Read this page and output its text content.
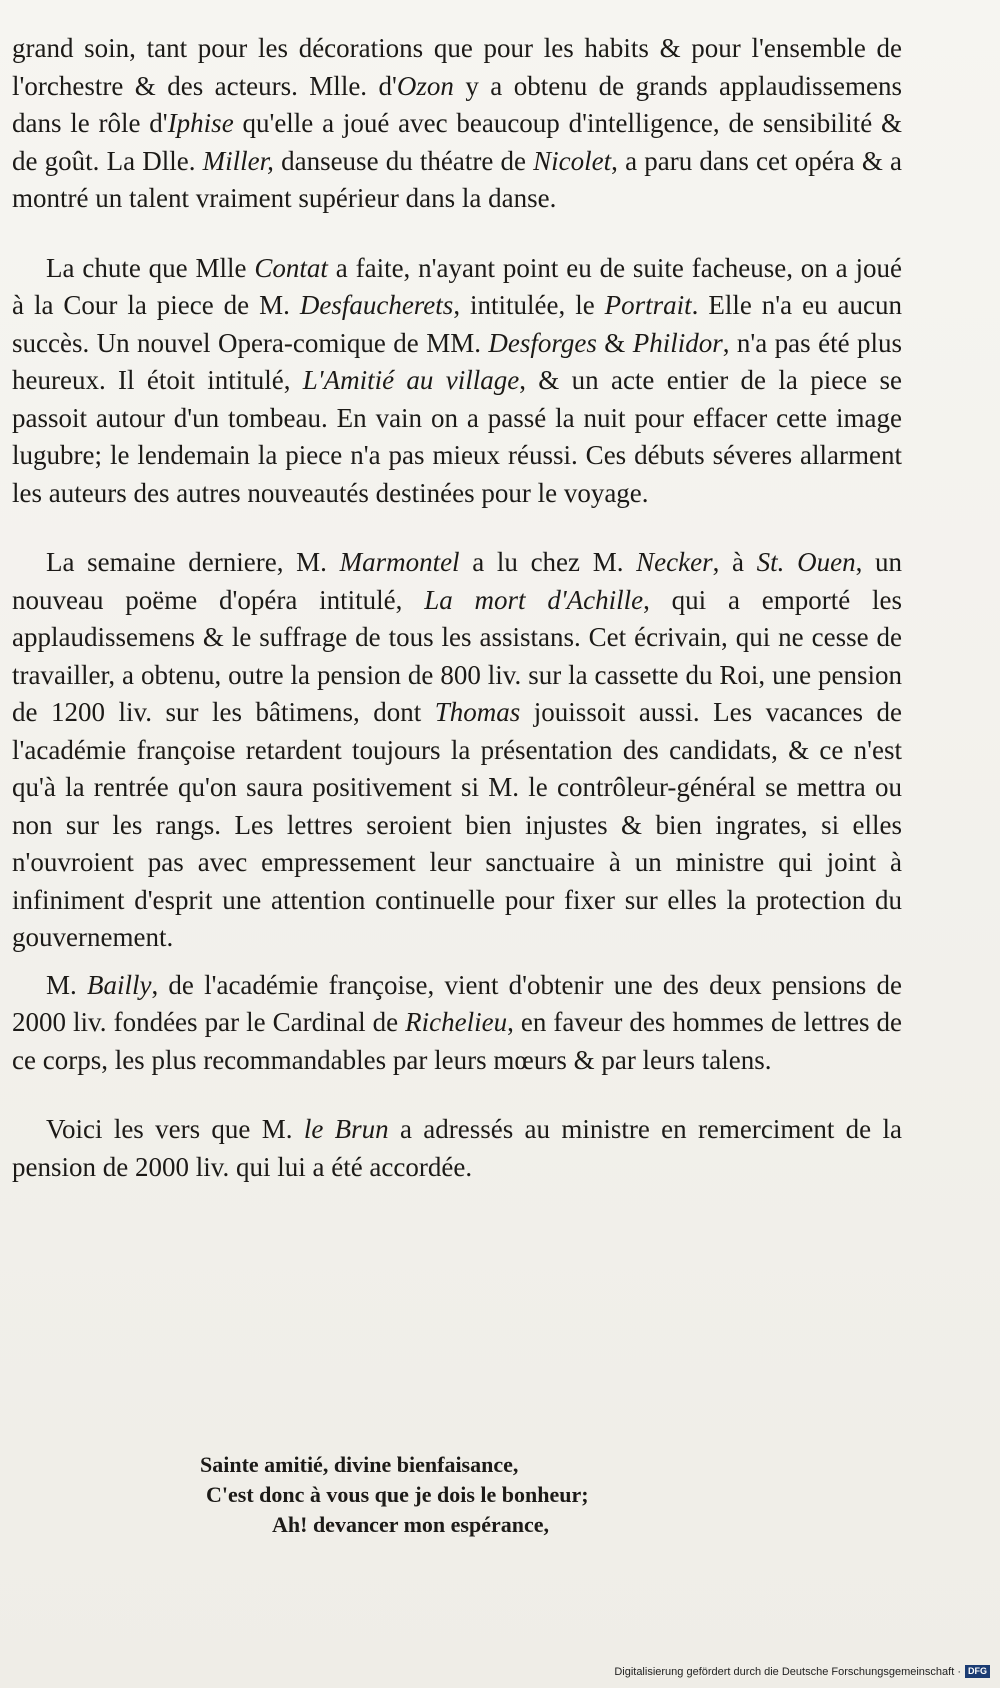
grand soin, tant pour les décorations que pour les habits & pour l'ensemble de l'orchestre & des acteurs. Mlle. d'Ozon y a obtenu de grands applaudissemens dans le rôle d'Iphise qu'elle a joué avec beaucoup d'intelligence, de sensibilité & de goût. La Dlle. Miller, danseuse du théatre de Nicolet, a paru dans cet opéra & a montré un talent vraiment supérieur dans la danse.

La chute que Mlle Contat a faite, n'ayant point eu de suite facheuse, on a joué à la Cour la piece de M. Desfaucherets, intitulée, le Portrait. Elle n'a eu aucun succès. Un nouvel Opera-comique de MM. Desforges & Philidor, n'a pas été plus heureux. Il étoit intitulé, L'Amitié au village, & un acte entier de la piece se passoit autour d'un tombeau. En vain on a passé la nuit pour effacer cette image lugubre; le lendemain la piece n'a pas mieux réussi. Ces débuts séveres allarment les auteurs des autres nouveautés destinées pour le voyage.

La semaine derniere, M. Marmontel a lu chez M. Necker, à St. Ouen, un nouveau poëme d'opéra intitulé, La mort d'Achille, qui a emporté les applaudissemens & le suffrage de tous les assistans. Cet écrivain, qui ne cesse de travailler, a obtenu, outre la pension de 800 liv. sur la cassette du Roi, une pension de 1200 liv. sur les bâtimens, dont Thomas jouissoit aussi. Les vacances de l'académie françoise retardent toujours la présentation des candidats, & ce n'est qu'à la rentrée qu'on saura positivement si M. le contrôleur-général se mettra ou non sur les rangs. Les lettres seroient bien injustes & bien ingrates, si elles n'ouvroient pas avec empressement leur sanctuaire à un ministre qui joint à infiniment d'esprit une attention continuelle pour fixer sur elles la protection du gouvernement.

M. Bailly, de l'académie françoise, vient d'obtenir une des deux pensions de 2000 liv. fondées par le Cardinal de Richelieu, en faveur des hommes de lettres de ce corps, les plus recommandables par leurs mœurs & par leurs talens.

Voici les vers que M. le Brun a adressés au ministre en remerciment de la pension de 2000 liv. qui lui a été accordée.

Sainte amitié, divine bienfaisance,
C'est donc à vous que je dois le bonheur;
Ah! devancer mon espérance,
Digitalisierung gefördert durch die Deutsche Forschungsgemeinschaft · DFG
